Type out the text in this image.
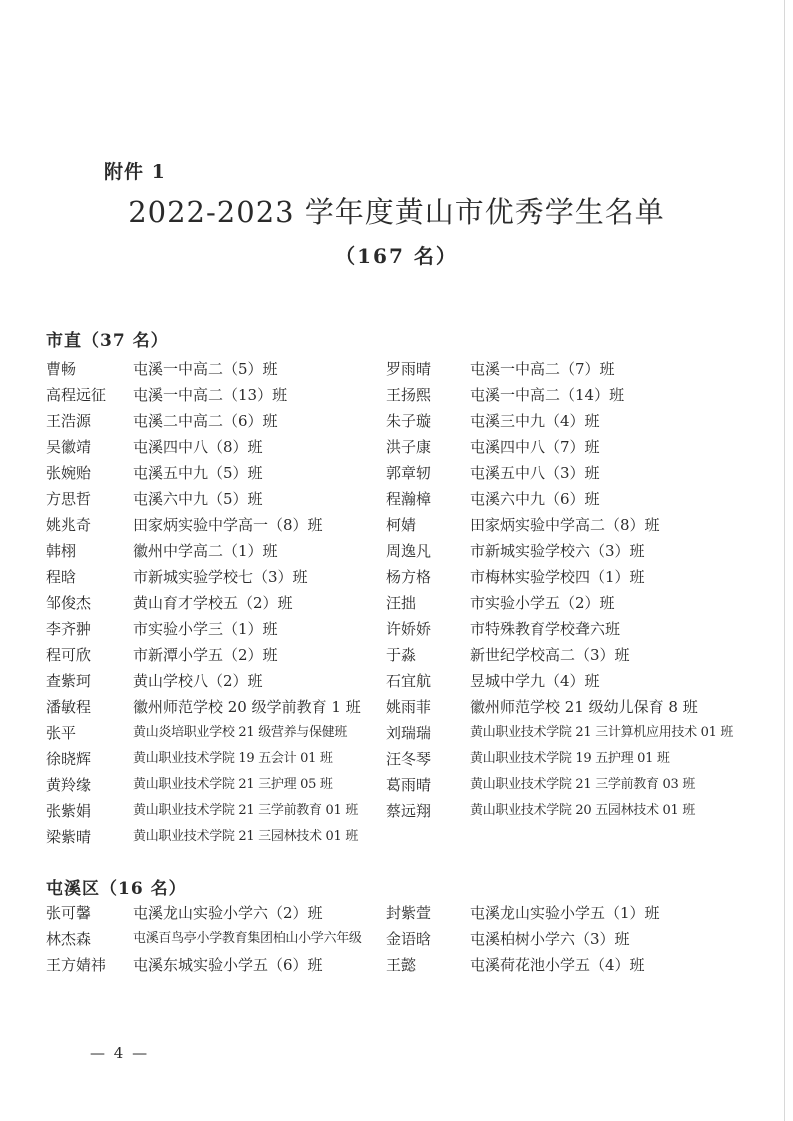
附件 1
2022-2023 学年度黄山市优秀学生名单
（167 名）
市直（37 名）
曹畅	屯溪一中高二（5）班	罗雨晴	屯溪一中高二（7）班
高程远征 屯溪一中高二（13）班	王扬熙	屯溪一中高二（14）班
王浩源	屯溪二中高二（6）班	朱子璇	屯溪三中九（4）班
吴徽靖	屯溪四中八（8）班	洪子康	屯溪四中八（7）班
张婉贻	屯溪五中九（5）班	郭章轫	屯溪五中八（3）班
方思哲	屯溪六中九（5）班	程瀚樟	屯溪六中九（6）班
姚兆奇	田家炳实验中学高一（8）班	柯婧	田家炳实验中学高二（8）班
韩栩	徽州中学高二（1）班	周逸凡	市新城实验学校六（3）班
程晗	市新城实验学校七（3）班	杨方格	市梅林实验学校四（1）班
邹俊杰	黄山育才学校五（2）班	汪拙	市实验小学五（2）班
李齐翀	市实验小学三（1）班	许娇娇	市特殊教育学校聋六班
程可欣	市新潭小学五（2）班	于淼	新世纪学校高二（3）班
查紫珂	黄山学校八（2）班	石宜航	昱城中学九（4）班
潘敏程	徽州师范学校 20 级学前教育 1 班 姚雨菲	徽州师范学校 21 级幼儿保育 8 班
张平	黄山炎培职业学校 21 级营养与保健班	刘瑞瑞	黄山职业技术学院 21 三计算机应用技术 01 班
徐晓辉	黄山职业技术学院 19 五会计 01 班	汪冬琴	黄山职业技术学院 19 五护理 01 班
黄羚缘	黄山职业技术学院 21 三护理 05 班	葛雨晴	黄山职业技术学院 21 三学前教育 03 班
张紫娟	黄山职业技术学院 21 三学前教育 01 班 蔡远翔	黄山职业技术学院 20 五园林技术 01 班
梁紫晴	黄山职业技术学院 21 三园林技术 01 班
屯溪区（16 名）
张可馨	屯溪龙山实验小学六（2）班	封紫萱	屯溪龙山实验小学五（1）班
林杰森	屯溪百鸟亭小学教育集团柏山小学六年级 金语晗	屯溪柏树小学六（3）班
王方婧祎 屯溪东城实验小学五（6）班	王懿	屯溪荷花池小学五（4）班
— 4 —
